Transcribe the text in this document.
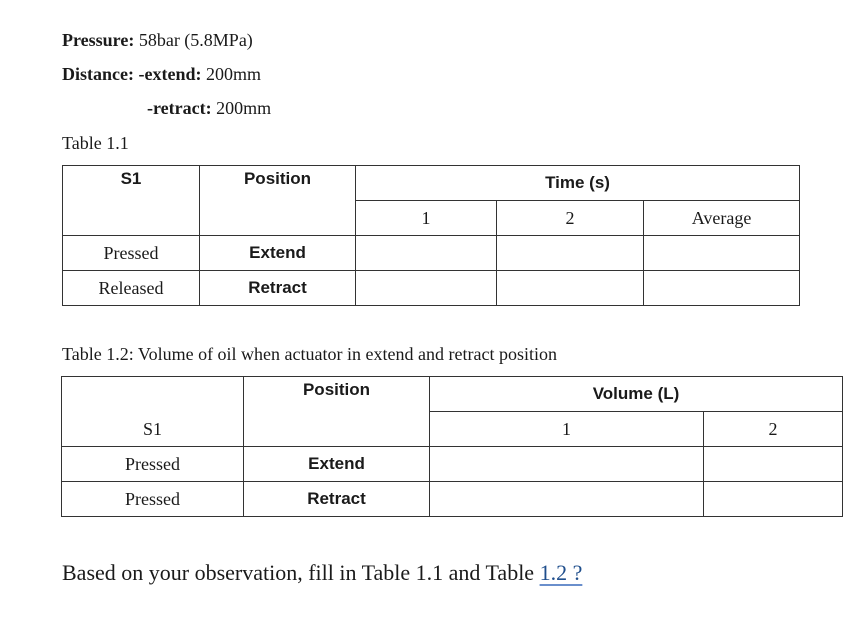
Pressure: 58bar (5.8MPa)
Distance: -extend: 200mm
-retract: 200mm
Table 1.1
S1	Position	Time (s)		
		1	2	Average
Pressed	Extend			
Released	Retract			
Table 1.2: Volume of oil when actuator in extend and retract position
S1	Position	Volume (L)	
		1	2
Pressed	Extend		
Pressed	Retract		
Based on your observation, fill in Table 1.1 and Table 1.2 ?
